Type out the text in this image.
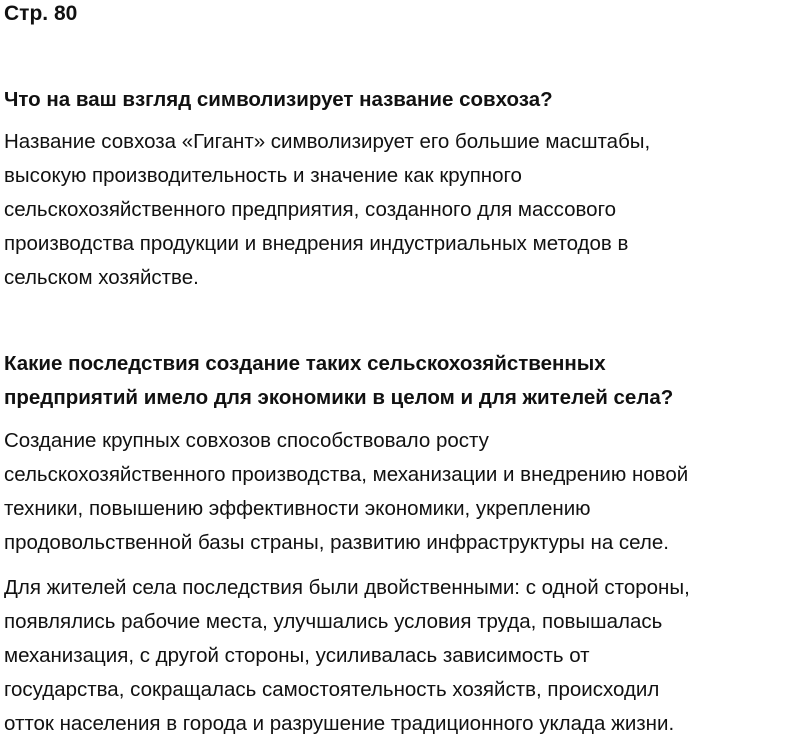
Стр. 80
Что на ваш взгляд символизирует название совхоза?
Название совхоза «Гигант» символизирует его большие масштабы,
высокую производительность и значение как крупного
сельскохозяйственного предприятия, созданного для массового
производства продукции и внедрения индустриальных методов в
сельском хозяйстве.
Какие последствия создание таких сельскохозяйственных
предприятий имело для экономики в целом и для жителей села?
Создание крупных совхозов способствовало росту
сельскохозяйственного производства, механизации и внедрению новой
техники, повышению эффективности экономики, укреплению
продовольственной базы страны, развитию инфраструктуры на селе.
Для жителей села последствия были двойственными: с одной стороны,
появлялись рабочие места, улучшались условия труда, повышалась
механизация, с другой стороны, усиливалась зависимость от
государства, сокращалась самостоятельность хозяйств, происходил
отток населения в города и разрушение традиционного уклада жизни.
